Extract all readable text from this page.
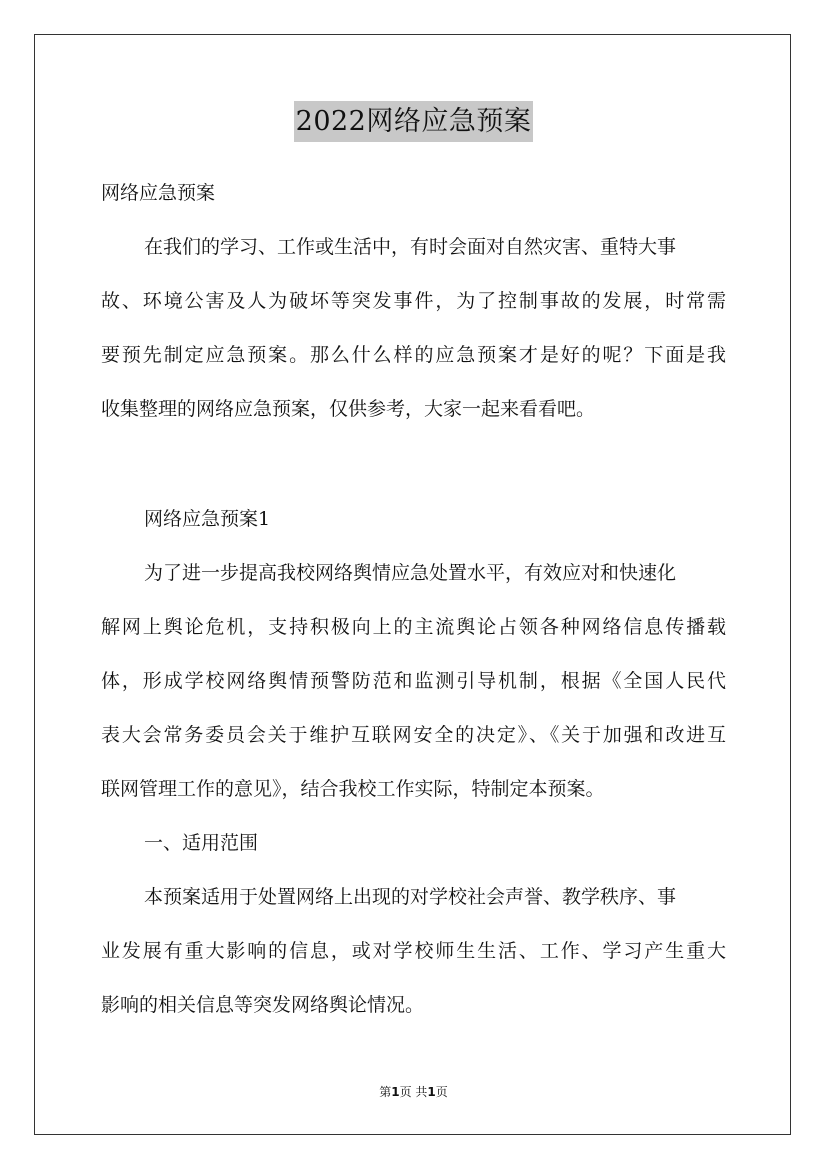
2022网络应急预案
网络应急预案
在我们的学习、工作或生活中，有时会面对自然灾害、重特大事
故、环境公害及人为破坏等突发事件，为了控制事故的发展，时常需
要预先制定应急预案。那么什么样的应急预案才是好的呢？下面是我
收集整理的网络应急预案，仅供参考，大家一起来看看吧。
网络应急预案1
为了进一步提高我校网络舆情应急处置水平，有效应对和快速化
解网上舆论危机，支持积极向上的主流舆论占领各种网络信息传播载
体，形成学校网络舆情预警防范和监测引导机制，根据《全国人民代
表大会常务委员会关于维护互联网安全的决定》、《关于加强和改进互
联网管理工作的意见》，结合我校工作实际，特制定本预案。
一、适用范围
本预案适用于处置网络上出现的对学校社会声誉、教学秩序、事
业发展有重大影响的信息，或对学校师生生活、工作、学习产生重大
影响的相关信息等突发网络舆论情况。
第1页 共1页
